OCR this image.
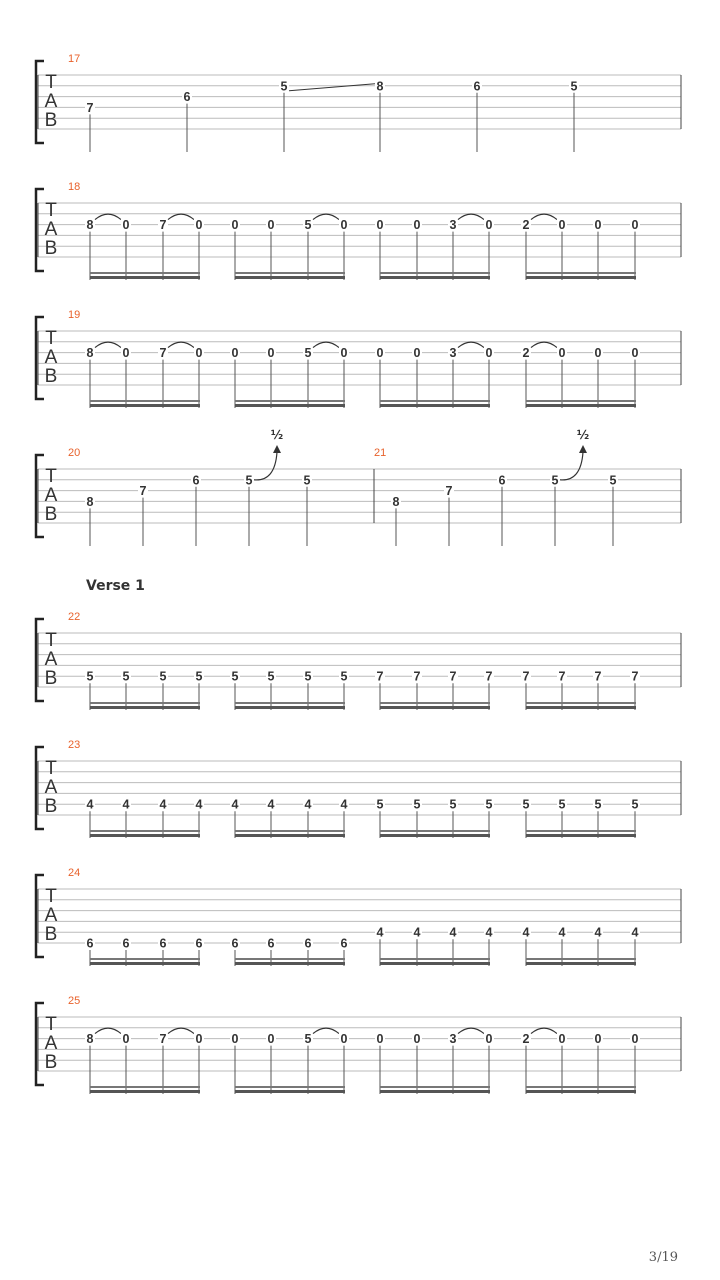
T
A
B
17
7
6
5	8	6	5
T
A
B
18
8 0 7 0 0 0 5 0 0 0 3 0 2 0 0 0
T
A
B
19
8 0 7 0 0 0 5 0 0 0 3 0 2 0 0 0
T
A
B
20
8
7
6	5
½
5
21
8
7
6	5
½
5
T
A
B
22
5 5 5 5 5 5 5 5 7 7 7 7 7 7 7 7
T
A
B
23
4 4 4 4 4 4 4 4 5 5 5 5 5 5 5 5
T
A
B
24
6 6 6 6 6 6 6 6
4 4 4 4 4 4 4 4
T
A
B
25
8 0 7 0 0 0 5 0 0 0 3 0 2 0 0 0
Verse 1
3/19
